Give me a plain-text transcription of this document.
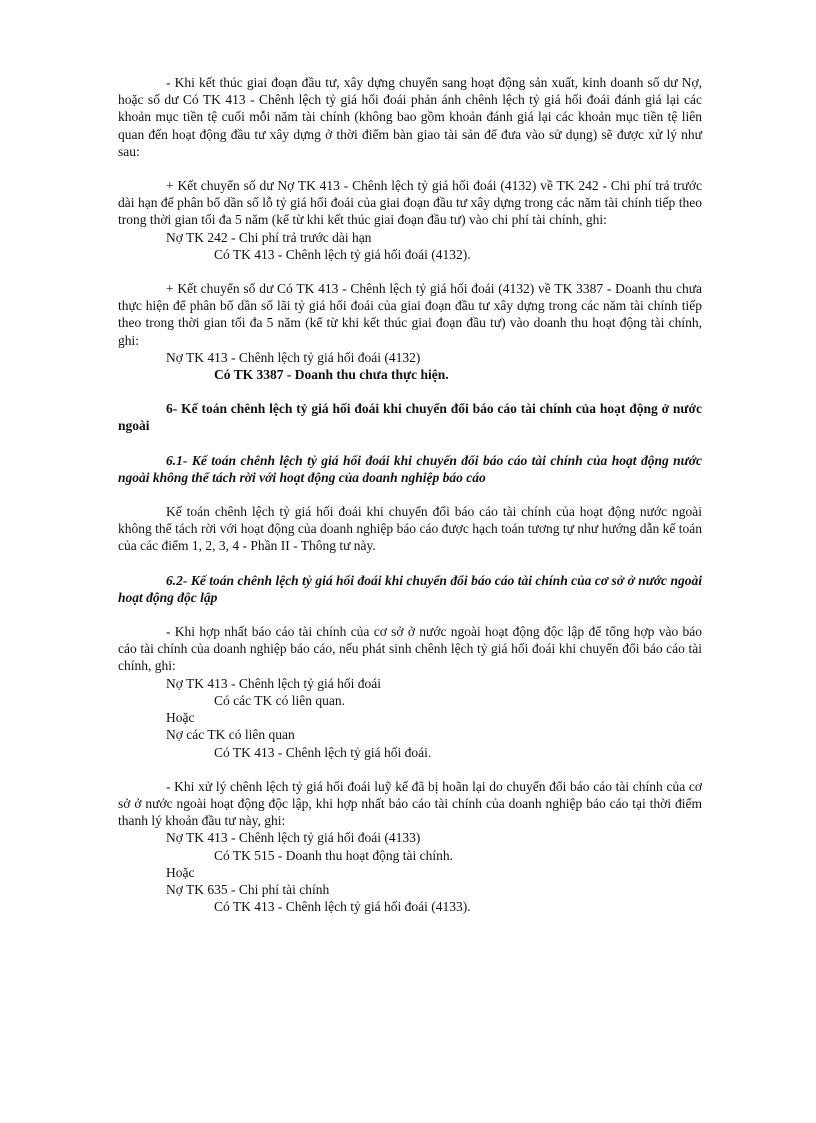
- Khi kết thúc giai đoạn đầu tư, xây dựng chuyển sang hoạt động sản xuất, kinh doanh số dư Nợ, hoặc số dư Có TK 413 - Chênh lệch tỷ giá hối đoái phản ánh chênh lệch tỷ giá hối đoái đánh giá lại các khoản mục tiền tệ cuối mỗi năm tài chính (không bao gồm khoản đánh giá lại các khoản mục tiền tệ liên quan đến hoạt động đầu tư xây dựng ở thời điểm bàn giao tài sản để đưa vào sử dụng) sẽ được xử lý như sau:

+ Kết chuyển số dư Nợ TK 413 - Chênh lệch tỷ giá hối đoái (4132) về TK 242 - Chi phí trả trước dài hạn để phân bổ dần số lỗ tỷ giá hối đoái của giai đoạn đầu tư xây dựng trong các năm tài chính tiếp theo trong thời gian tối đa 5 năm (kể từ khi kết thúc giai đoạn đầu tư) vào chi phí tài chính, ghi:

Nợ TK 242 - Chi phí trả trước dài hạn

Có TK 413 - Chênh lệch tỷ giá hối đoái (4132).

+ Kết chuyển số dư Có TK 413 - Chênh lệch tỷ giá hối đoái (4132) về TK 3387 - Doanh thu chưa thực hiện để phân bổ dần số lãi tỷ giá hối đoái của giai đoạn đầu tư xây dựng trong các năm tài chính tiếp theo trong thời gian tối đa 5 năm (kể từ khi kết thúc giai đoạn đầu tư) vào doanh thu hoạt động tài chính, ghi:

Nợ TK 413 - Chênh lệch tỷ giá hối đoái (4132)

Có TK 3387 - Doanh thu chưa thực hiện.

6- Kế toán chênh lệch tỷ giá hối đoái khi chuyển đổi báo cáo tài chính của hoạt động ở nước ngoài

6.1- Kế toán chênh lệch tỷ giá hối đoái khi chuyển đổi báo cáo tài chính của hoạt động nước ngoài không thể tách rời với hoạt động của doanh nghiệp báo cáo

Kế toán chênh lệch tỷ giá hối đoái khi chuyển đổi báo cáo tài chính của hoạt động nước ngoài không thể tách rời với hoạt động của doanh nghiệp báo cáo được hạch toán tương tự như hướng dẫn kế toán của các điểm 1, 2, 3, 4 - Phần II - Thông tư này.

6.2- Kế toán chênh lệch tỷ giá hối đoái khi chuyển đổi báo cáo tài chính của cơ sở ở nước ngoài hoạt động độc lập

- Khi hợp nhất báo cáo tài chính của cơ sở ở nước ngoài hoạt động độc lập để tổng hợp vào báo cáo tài chính của doanh nghiệp báo cáo, nếu phát sinh chênh lệch tỷ giá hối đoái khi chuyển đổi báo cáo tài chính, ghi:

Nợ TK 413 - Chênh lệch tỷ giá hối đoái

Có các TK có liên quan.

Hoặc

Nợ các TK có liên quan

Có TK 413 - Chênh lệch tỷ giá hối đoái.

- Khi xử lý chênh lệch tỷ giá hối đoái luỹ kế đã bị hoãn lại do chuyển đổi báo cáo tài chính của cơ sở ở nước ngoài hoạt động độc lập, khi hợp nhất báo cáo tài chính của doanh nghiệp báo cáo tại thời điểm thanh lý khoản đầu tư này, ghi:

Nợ TK 413 - Chênh lệch tỷ giá hối đoái (4133)

Có TK 515 - Doanh thu hoạt động tài chính.

Hoặc

Nợ TK 635 - Chi phí tài chính

Có TK 413 - Chênh lệch tỷ giá hối đoái (4133).
